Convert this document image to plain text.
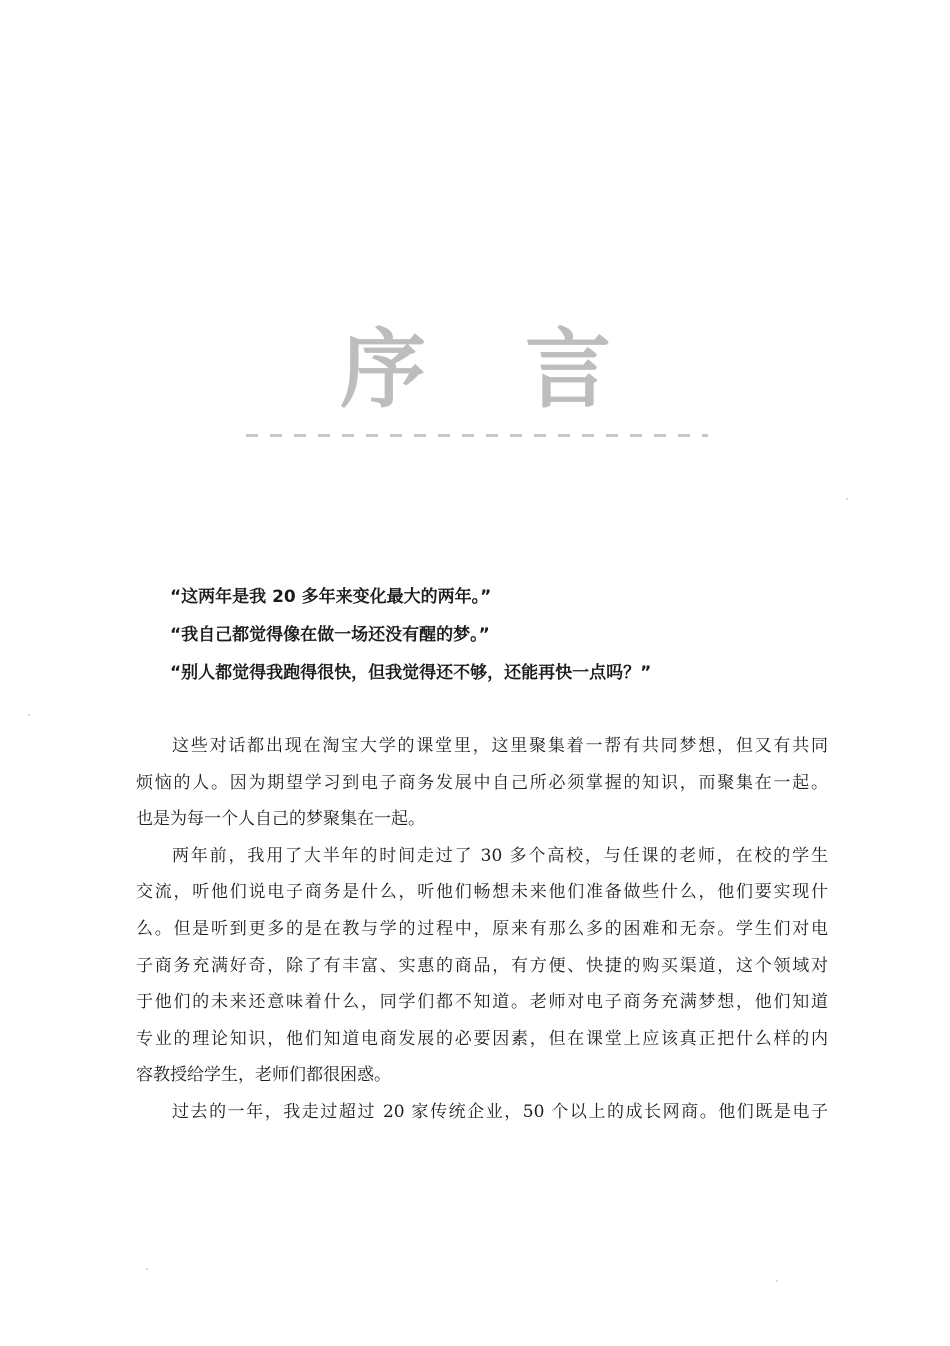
序 言
“这两年是我 20 多年来变化最大的两年。”
“我自己都觉得像在做一场还没有醒的梦。”
“别人都觉得我跑得很快，但我觉得还不够，还能再快一点吗？”
这些对话都出现在淘宝大学的课堂里，这里聚集着一帮有共同梦想，但又有共同
烦恼的人。因为期望学习到电子商务发展中自己所必须掌握的知识，而聚集在一起。
也是为每一个人自己的梦聚集在一起。
两年前，我用了大半年的时间走过了 30 多个高校，与任课的老师，在校的学生
交流，听他们说电子商务是什么，听他们畅想未来他们准备做些什么，他们要实现什
么。但是听到更多的是在教与学的过程中，原来有那么多的困难和无奈。学生们对电
子商务充满好奇，除了有丰富、实惠的商品，有方便、快捷的购买渠道，这个领域对
于他们的未来还意味着什么，同学们都不知道。老师对电子商务充满梦想，他们知道
专业的理论知识，他们知道电商发展的必要因素，但在课堂上应该真正把什么样的内
容教授给学生，老师们都很困惑。
过去的一年，我走过超过 20 家传统企业，50 个以上的成长网商。他们既是电子
